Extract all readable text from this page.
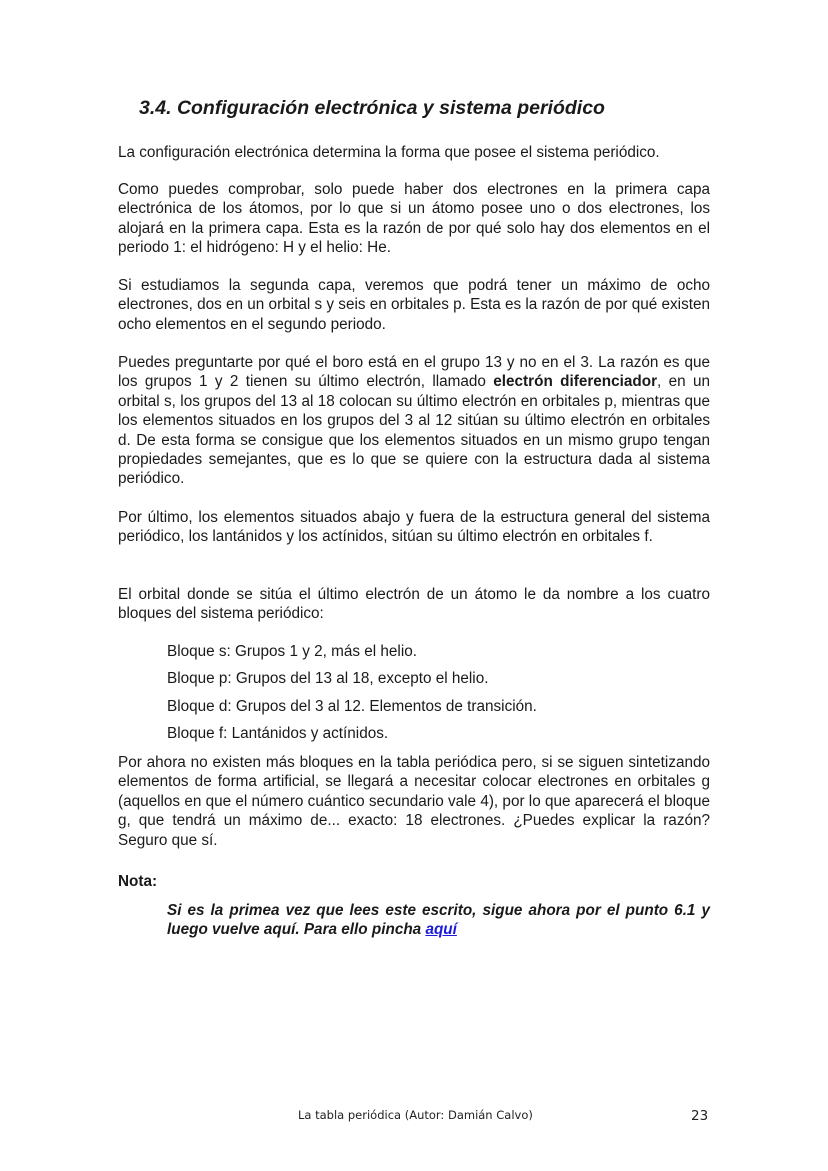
3.4. Configuración electrónica y sistema periódico

La configuración electrónica determina la forma que posee el sistema periódico.

Como puedes comprobar, solo puede haber dos electrones en la primera capa electrónica de los átomos, por lo que si un átomo posee uno o dos electrones, los alojará en la primera capa. Esta es la razón de por qué solo hay dos elementos en el periodo 1: el hidrógeno: H y el helio: He.

Si estudiamos la segunda capa, veremos que podrá tener un máximo de ocho electrones, dos en un orbital s y seis en orbitales p. Esta es la razón de por qué existen ocho elementos en el segundo periodo.

Puedes preguntarte por qué el boro está en el grupo 13 y no en el 3. La razón es que los grupos 1 y 2 tienen su último electrón, llamado electrón diferenciador, en un orbital s, los grupos del 13 al 18 colocan su último electrón en orbitales p, mientras que los elementos situados en los grupos del 3 al 12 sitúan su último electrón en orbitales d. De esta forma se consigue que los elementos situados en un mismo grupo tengan propiedades semejantes, que es lo que se quiere con la estructura dada al sistema periódico.

Por último, los elementos situados abajo y fuera de la estructura general del sistema periódico, los lantánidos y los actínidos, sitúan su último electrón en orbitales f.

El orbital donde se sitúa el último electrón de un átomo le da nombre a los cuatro bloques del sistema periódico:

Bloque s: Grupos 1 y 2, más el helio.

Bloque p: Grupos del 13 al 18, excepto el helio.

Bloque d: Grupos del 3 al 12. Elementos de transición.

Bloque f: Lantánidos y actínidos.

Por ahora no existen más bloques en la tabla periódica pero, si se siguen sintetizando elementos de forma artificial, se llegará a necesitar colocar electrones en orbitales g (aquellos en que el número cuántico secundario vale 4), por lo que aparecerá el bloque g, que tendrá un máximo de... exacto: 18 electrones. ¿Puedes explicar la razón? Seguro que sí.

Nota:

Si es la primea vez que lees este escrito, sigue ahora por el punto 6.1 y luego vuelve aquí. Para ello pincha aquí

La tabla periódica (Autor: Damián Calvo)	23
